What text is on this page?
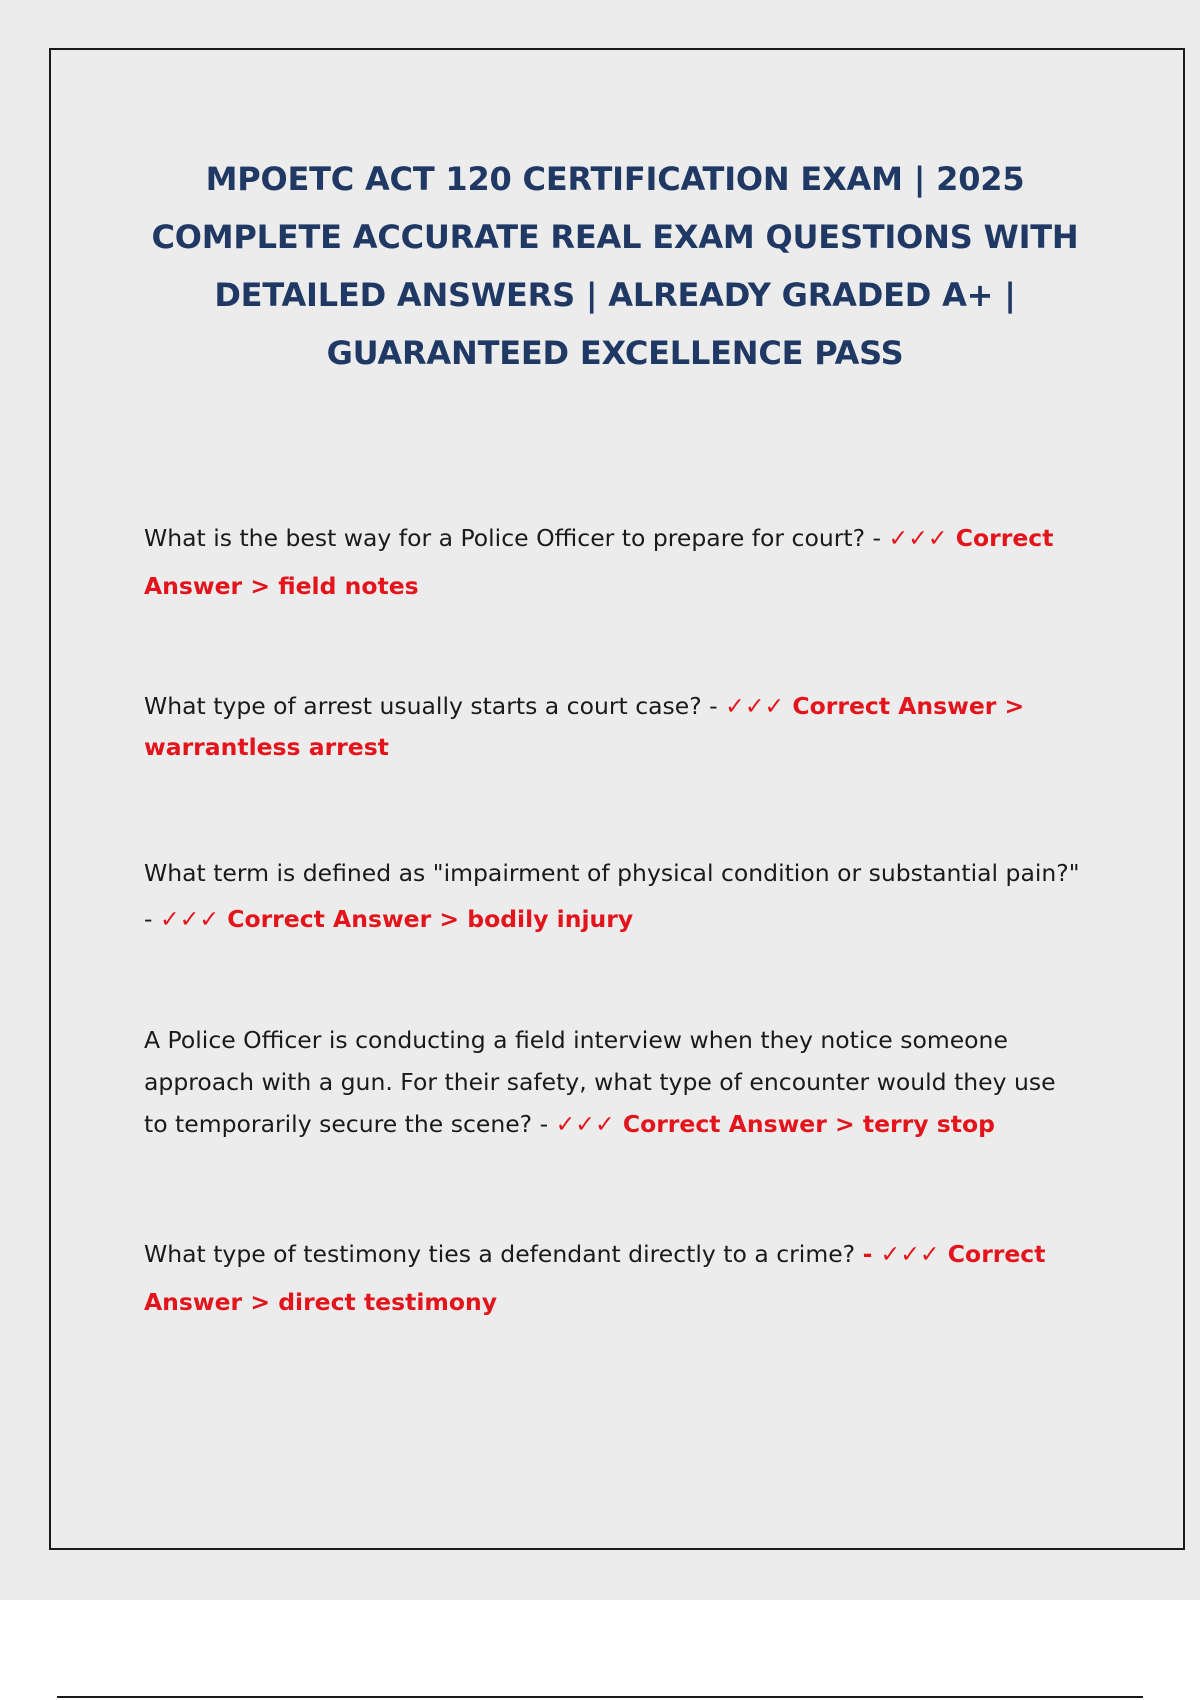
MPOETC ACT 120 CERTIFICATION EXAM | 2025 COMPLETE ACCURATE REAL EXAM QUESTIONS WITH DETAILED ANSWERS | ALREADY GRADED A+ | GUARANTEED EXCELLENCE PASS

What is the best way for a Police Officer to prepare for court? - ✓✓✓ Correct Answer > field notes

What type of arrest usually starts a court case? - ✓✓✓ Correct Answer > warrantless arrest

What term is defined as "impairment of physical condition or substantial pain?" - ✓✓✓ Correct Answer > bodily injury

A Police Officer is conducting a field interview when they notice someone approach with a gun. For their safety, what type of encounter would they use to temporarily secure the scene? - ✓✓✓ Correct Answer > terry stop

What type of testimony ties a defendant directly to a crime? - ✓✓✓ Correct Answer > direct testimony
